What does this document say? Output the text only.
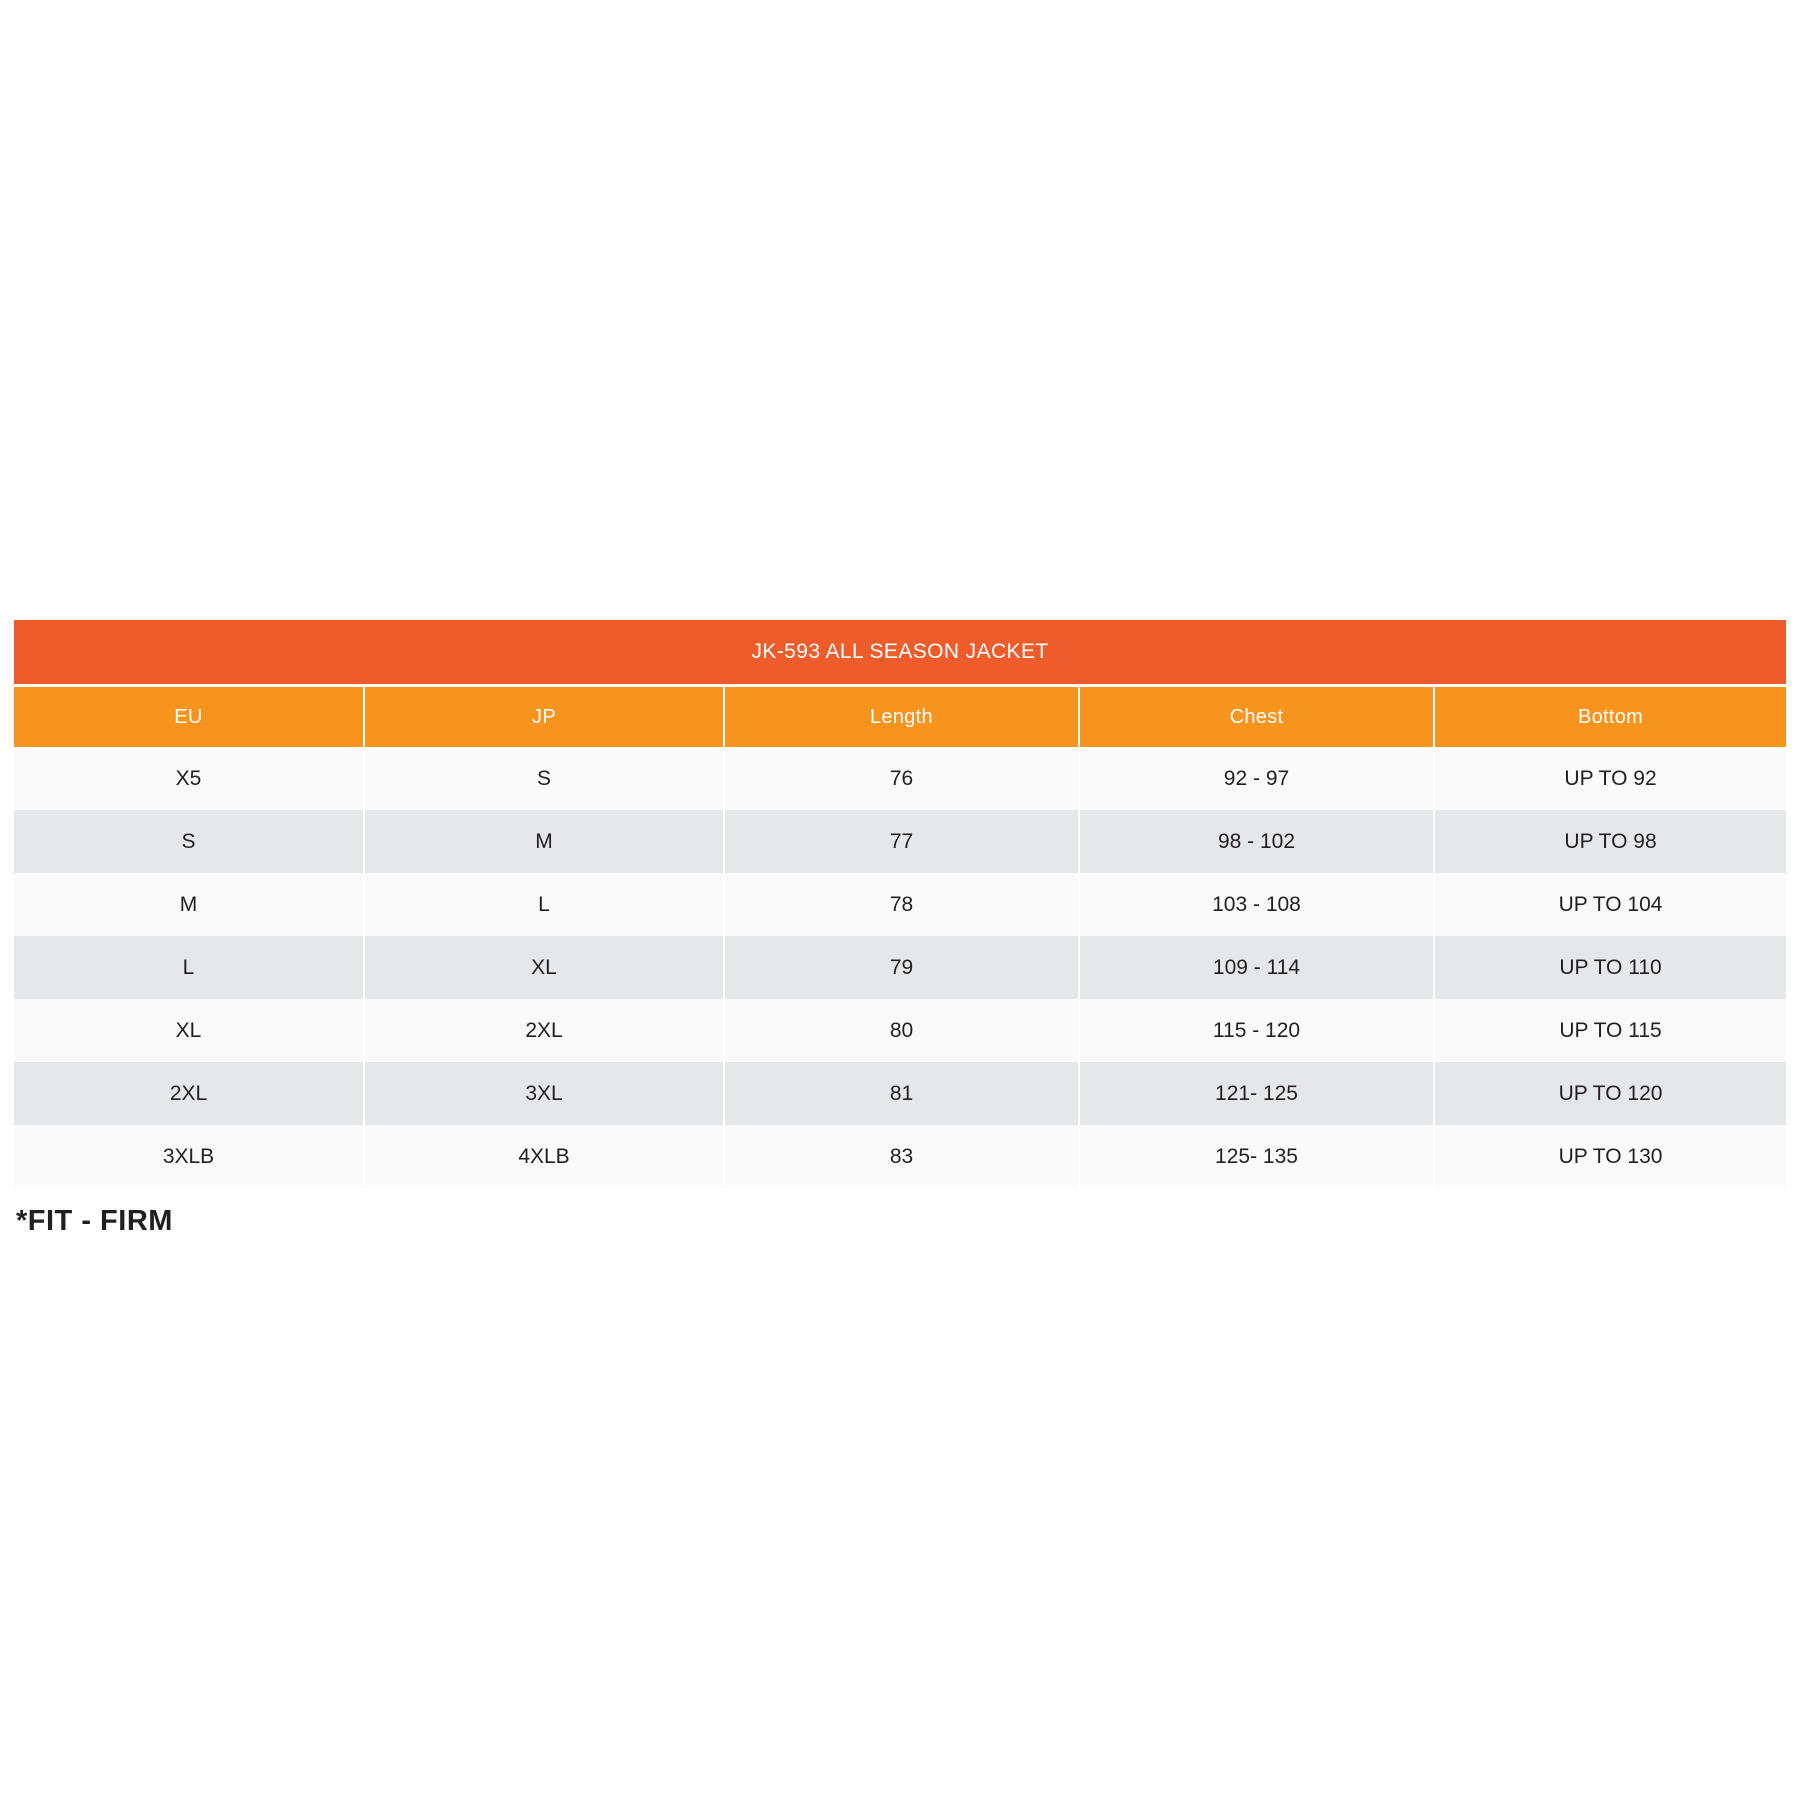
JK-593 ALL SEASON JACKET				
EU	JP	Length	Chest	Bottom
X5	S	76	92 - 97	UP TO 92
S	M	77	98 - 102	UP TO 98
M	L	78	103 - 108	UP TO 104
L	XL	79	109 - 114	UP TO 110
XL	2XL	80	115 - 120	UP TO 115
2XL	3XL	81	121- 125	UP TO 120
3XLB	4XLB	83	125- 135	UP TO 130
*FIT - FIRM
